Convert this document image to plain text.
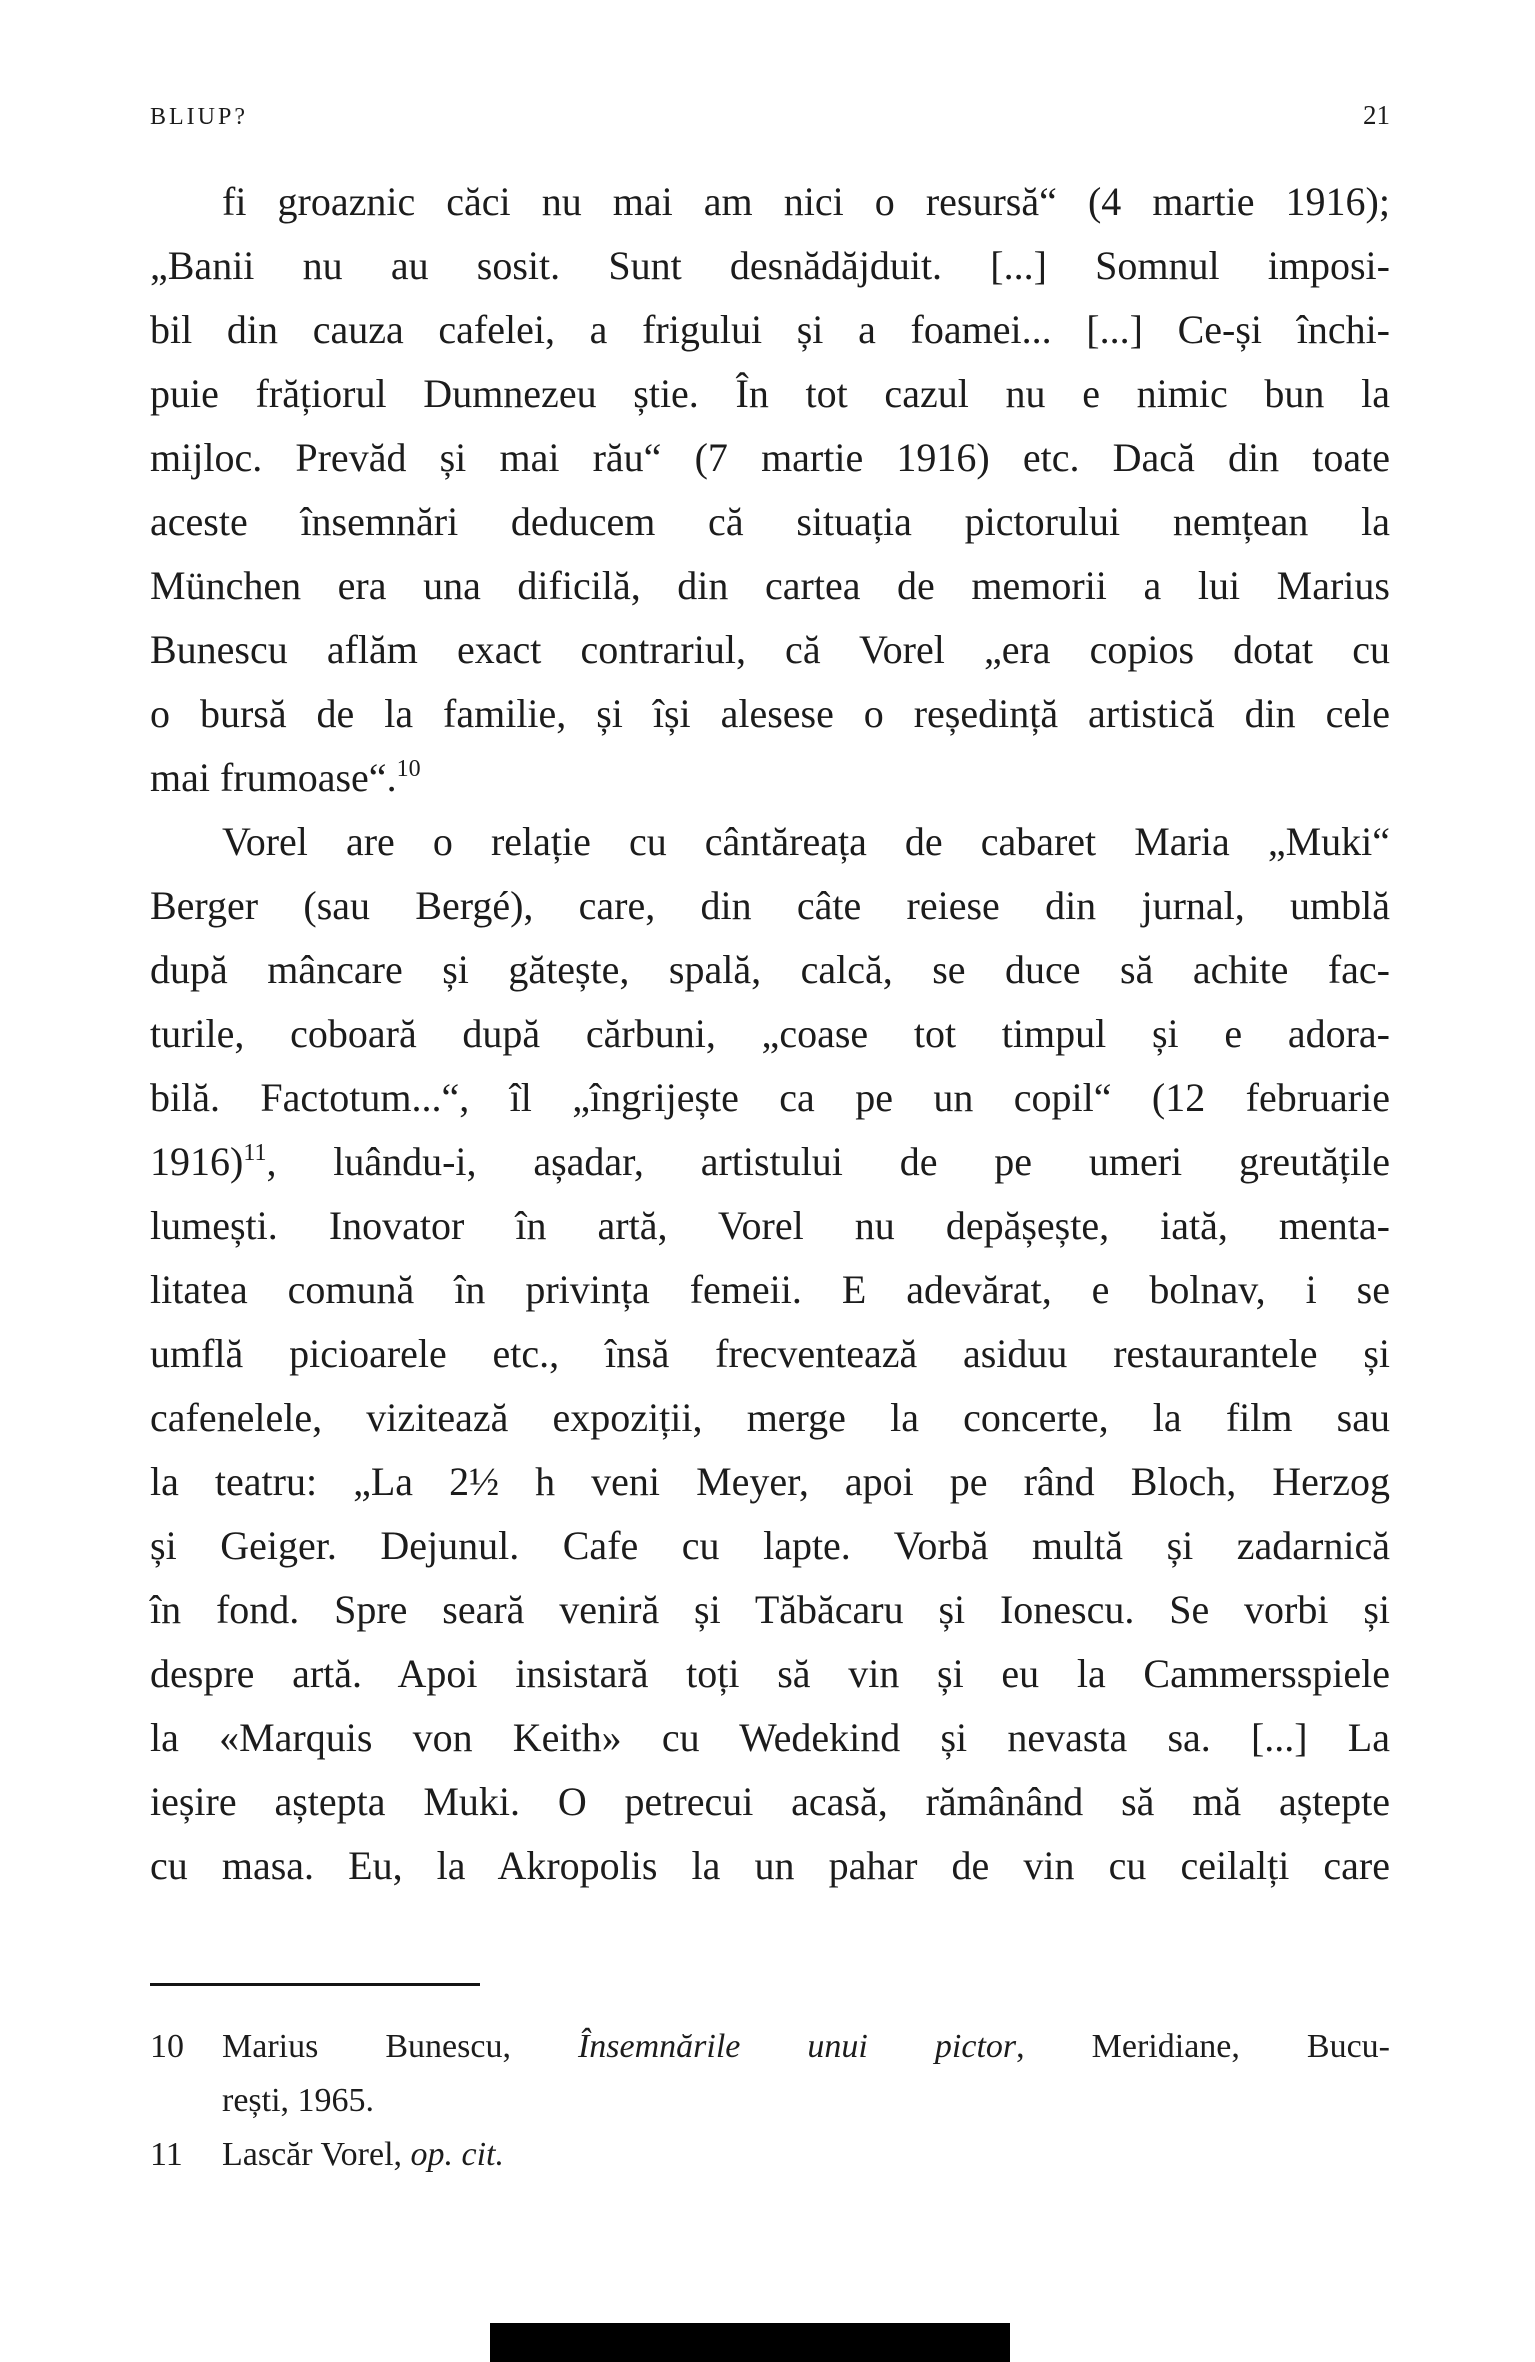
BLIUP?	21
fi groaznic căci nu mai am nici o resursă“ (4 martie 1916);
„Banii nu au sosit. Sunt desnădăjduit. [...] Somnul imposi-
bil din cauza cafelei, a frigului și a foamei... [...] Ce-și închi-
puie frățiorul Dumnezeu știe. În tot cazul nu e nimic bun la
mijloc. Prevăd și mai rău“ (7 martie 1916) etc. Dacă din toate
aceste însemnări deducem că situația pictorului nemțean la
München era una dificilă, din cartea de memorii a lui Marius
Bunescu aflăm exact contrariul, că Vorel „era copios dotat cu
o bursă de la familie, și își alesese o reședință artistică din cele
mai frumoase“.$^{10}$
Vorel are o relație cu cântăreața de cabaret Maria „Muki“
Berger (sau Bergé), care, din câte reiese din jurnal, umblă
după mâncare și gătește, spală, calcă, se duce să achite fac-
turile, coboară după cărbuni, „coase tot timpul și e adora-
bilă. Factotum...“, îl „îngrijește ca pe un copil“ (12 februarie
1916)$^{11}$, luându-i, așadar, artistului de pe umeri greutățile
lumești. Inovator în artă, Vorel nu depășește, iată, menta-
litatea comună în privința femeii. E adevărat, e bolnav, i se
umflă picioarele etc., însă frecventează asiduu restaurantele și
cafenelele, vizitează expoziții, merge la concerte, la film sau
la teatru: „La 2½ h veni Meyer, apoi pe rând Bloch, Herzog
și Geiger. Dejunul. Cafe cu lapte. Vorbă multă și zadarnică
în fond. Spre seară veniră și Tăbăcaru și Ionescu. Se vorbi și
despre artă. Apoi insistară toți să vin și eu la Cammersspiele
la «Marquis von Keith» cu Wedekind și nevasta sa. [...] La
ieșire aștepta Muki. O petrecui acasă, rămânând să mă aștepte
cu masa. Eu, la Akropolis la un pahar de vin cu ceilalți care
10 Marius Bunescu, Însemnările unui pictor, Meridiane, Bucu-
rești, 1965.
11 Lascăr Vorel, op. cit.
